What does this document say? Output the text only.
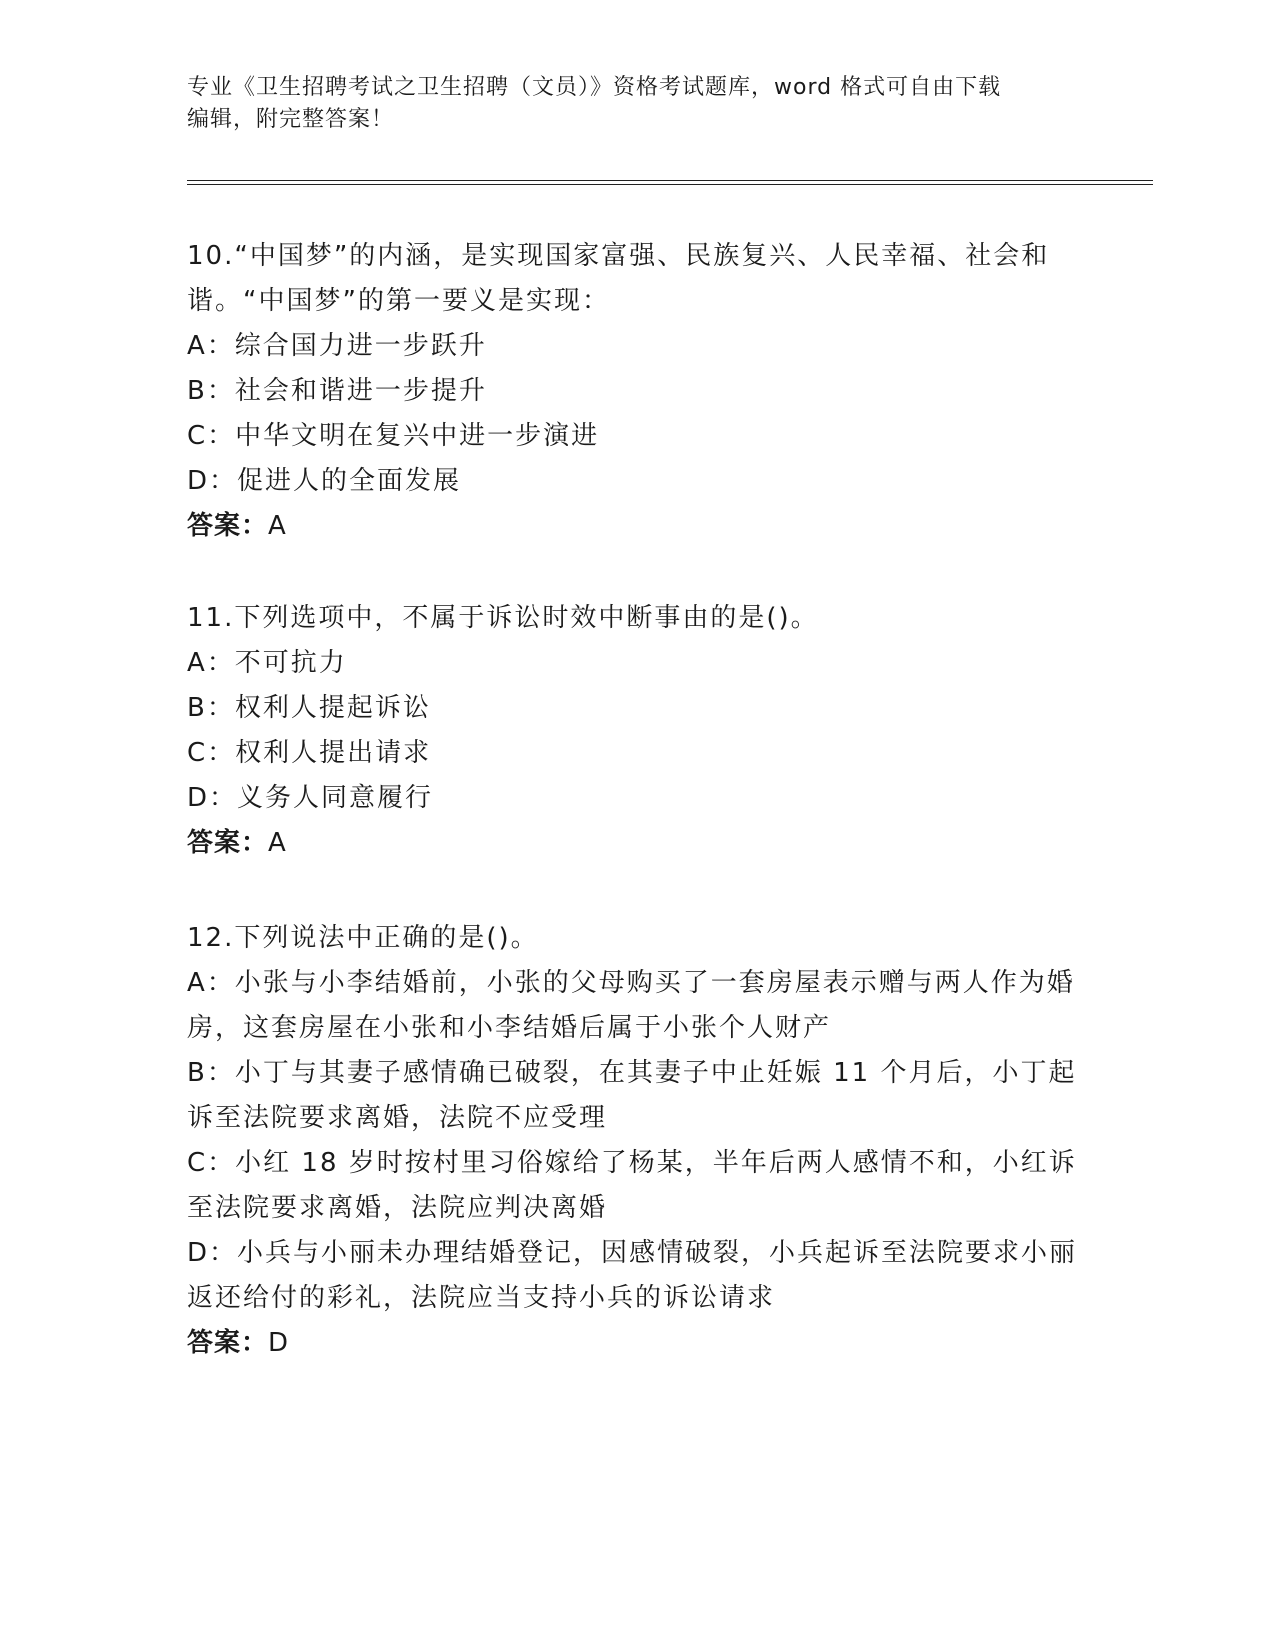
专业《卫生招聘考试之卫生招聘（文员）》资格考试题库，word 格式可自由下载
编辑，附完整答案！

10.“中国梦”的内涵，是实现国家富强、民族复兴、人民幸福、社会和谐。“中国梦”的第一要义是实现：

A：综合国力进一步跃升

B：社会和谐进一步提升

C：中华文明在复兴中进一步演进

D：促进人的全面发展

答案：A

11.下列选项中，不属于诉讼时效中断事由的是()。

A：不可抗力

B：权利人提起诉讼

C：权利人提出请求

D：义务人同意履行

答案：A

12.下列说法中正确的是()。

A：小张与小李结婚前，小张的父母购买了一套房屋表示赠与两人作为婚房，这套房屋在小张和小李结婚后属于小张个人财产

B：小丁与其妻子感情确已破裂，在其妻子中止妊娠 11 个月后，小丁起诉至法院要求离婚，法院不应受理

C：小红 18 岁时按村里习俗嫁给了杨某，半年后两人感情不和，小红诉至法院要求离婚，法院应判决离婚

D：小兵与小丽未办理结婚登记，因感情破裂，小兵起诉至法院要求小丽返还给付的彩礼，法院应当支持小兵的诉讼请求

答案：D
